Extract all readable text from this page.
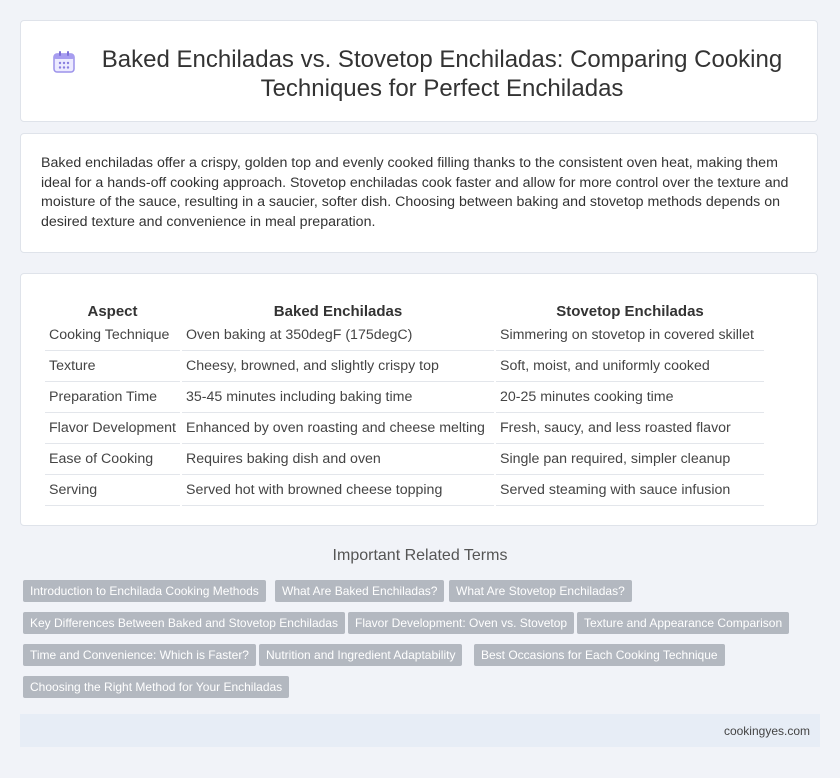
Baked Enchiladas vs. Stovetop Enchiladas: Comparing Cooking Techniques for Perfect Enchiladas

Baked enchiladas offer a crispy, golden top and evenly cooked filling thanks to the consistent oven heat, making them ideal for a hands-off cooking approach. Stovetop enchiladas cook faster and allow for more control over the texture and moisture of the sauce, resulting in a saucier, softer dish. Choosing between baking and stovetop methods depends on desired texture and convenience in meal preparation.

Aspect	Baked Enchiladas	Stovetop Enchiladas
Cooking Technique	Oven baking at 350degF (175degC)	Simmering on stovetop in covered skillet
Texture	Cheesy, browned, and slightly crispy top	Soft, moist, and uniformly cooked
Preparation Time	35-45 minutes including baking time	20-25 minutes cooking time
Flavor Development	Enhanced by oven roasting and cheese melting	Fresh, saucy, and less roasted flavor
Ease of Cooking	Requires baking dish and oven	Single pan required, simpler cleanup
Serving	Served hot with browned cheese topping	Served steaming with sauce infusion
Important Related Terms
Introduction to Enchilada Cooking Methods	What Are Baked Enchiladas?	What Are Stovetop Enchiladas?
Key Differences Between Baked and Stovetop Enchiladas	Flavor Development: Oven vs. Stovetop	Texture and Appearance Comparison
Time and Convenience: Which is Faster?	Nutrition and Ingredient Adaptability	Best Occasions for Each Cooking Technique
Choosing the Right Method for Your Enchiladas
cookingyes.com
